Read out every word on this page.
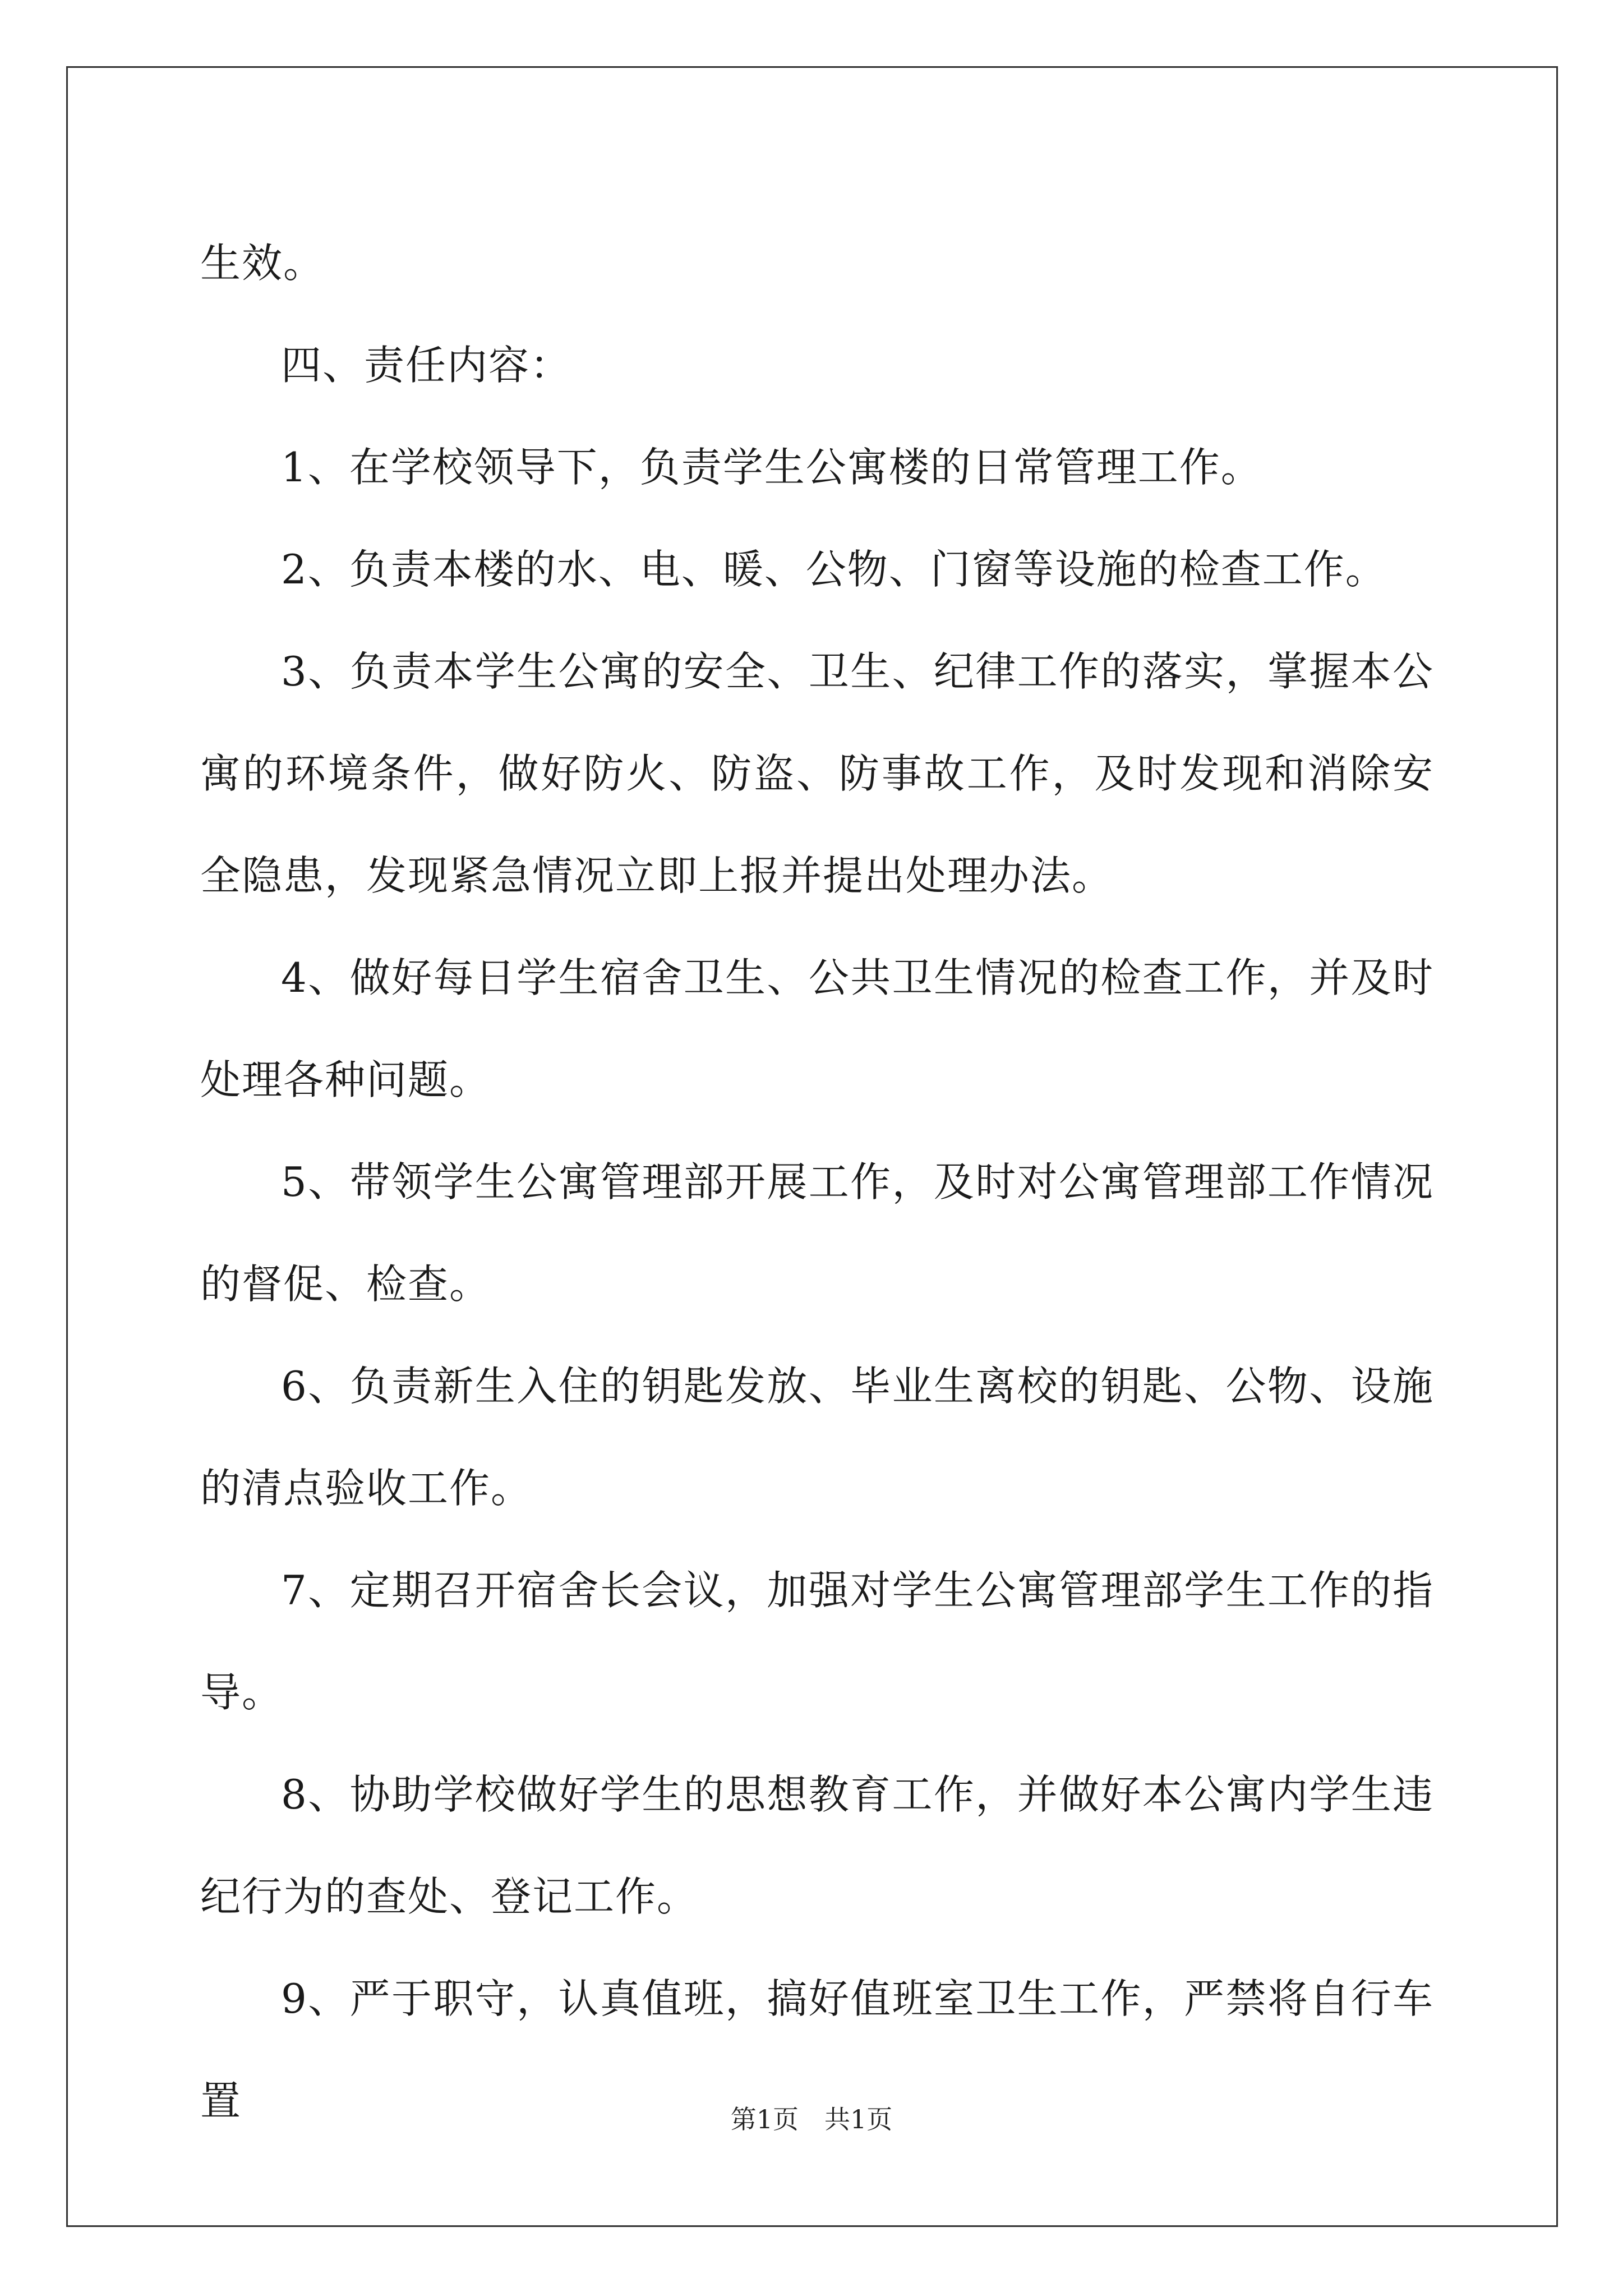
生效。

四、责任内容：

1、在学校领导下，负责学生公寓楼的日常管理工作。

2、负责本楼的水、电、暖、公物、门窗等设施的检查工作。

3、负责本学生公寓的安全、卫生、纪律工作的落实，掌握本公寓的环境条件，做好防火、防盗、防事故工作，及时发现和消除安全隐患，发现紧急情况立即上报并提出处理办法。

4、做好每日学生宿舍卫生、公共卫生情况的检查工作，并及时处理各种问题。

5、带领学生公寓管理部开展工作，及时对公寓管理部工作情况的督促、检查。

6、负责新生入住的钥匙发放、毕业生离校的钥匙、公物、设施的清点验收工作。

7、定期召开宿舍长会议，加强对学生公寓管理部学生工作的指导。

8、协助学校做好学生的思想教育工作，并做好本公寓内学生违纪行为的查处、登记工作。

9、严于职守，认真值班，搞好值班室卫生工作，严禁将自行车置	第1页 共1页
